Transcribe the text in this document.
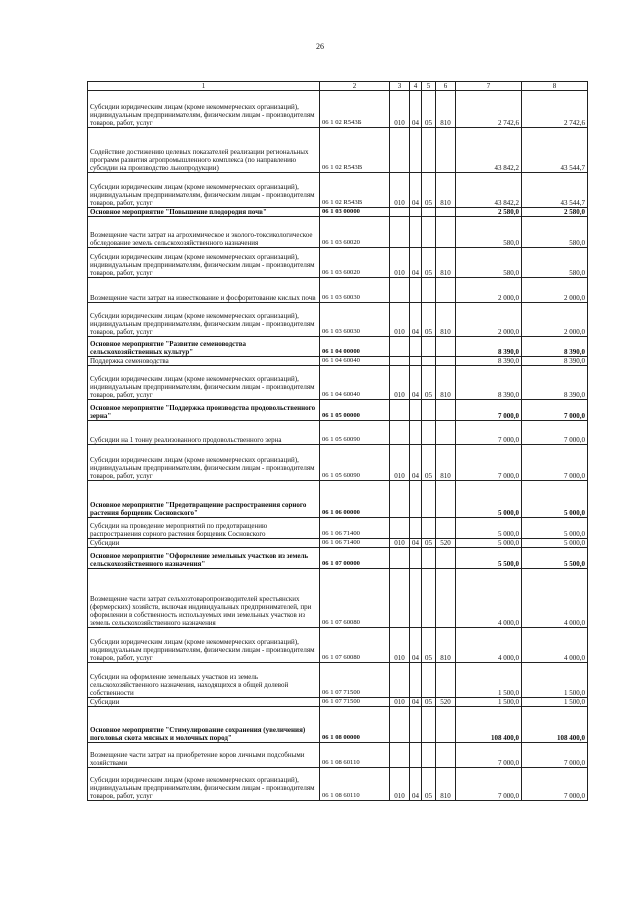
26
1	2	3	4	5	6	7	8
Субсидии юридическим лицам (кроме некоммерческих организаций), индивидуальным предпринимателям, физическим лицам - производителям товаров, работ, услуг	06 1 02 R543Б	010	04	05	810	2 742,6	2 742,6
Содействие достижению целевых показателей реализации региональных программ развития агропромышленного комплекса (по направлению субсидии на производство льнопродукции)	06 1 02 R543В					43 842,2	43 544,7
Субсидии юридическим лицам (кроме некоммерческих организаций), индивидуальным предпринимателям, физическим лицам - производителям товаров, работ, услуг	06 1 02 R543В	010	04	05	810	43 842,2	43 544,7
Основное мероприятие "Повышение плодородия почв"	06 1 03 00000					2 580,0	2 580,0
Возмещение части затрат на агрохимическое и эколого-токсикологическое обследование земель сельскохозяйственного назначения	06 1 03 60020					580,0	580,0
Субсидии юридическим лицам (кроме некоммерческих организаций), индивидуальным предпринимателям, физическим лицам - производителям товаров, работ, услуг	06 1 03 60020	010	04	05	810	580,0	580,0
Возмещение части затрат на известкование и фосфоритование кислых почв	06 1 03 60030					2 000,0	2 000,0
Субсидии юридическим лицам (кроме некоммерческих организаций), индивидуальным предпринимателям, физическим лицам - производителям товаров, работ, услуг	06 1 03 60030	010	04	05	810	2 000,0	2 000,0
Основное мероприятие "Развитие семеноводства сельскохозяйственных культур"	06 1 04 00000					8 390,0	8 390,0
Поддержка семеноводства	06 1 04 60040					8 390,0	8 390,0
Субсидии юридическим лицам (кроме некоммерческих организаций), индивидуальным предпринимателям, физическим лицам - производителям товаров, работ, услуг	06 1 04 60040	010	04	05	810	8 390,0	8 390,0
Основное мероприятие "Поддержка производства продовольственного зерна"	06 1 05 00000					7 000,0	7 000,0
Субсидии на 1 тонну реализованного продовольственного зерна	06 1 05 60090					7 000,0	7 000,0
Субсидии юридическим лицам (кроме некоммерческих организаций), индивидуальным предпринимателям, физическим лицам - производителям товаров, работ, услуг	06 1 05 60090	010	04	05	810	7 000,0	7 000,0
Основное мероприятие "Предотвращение распространения сорного растения борщевик Сосновского"	06 1 06 00000					5 000,0	5 000,0
Субсидии на проведение мероприятий по предотвращению распространения сорного растения борщевик Сосновского	06 1 06 71400					5 000,0	5 000,0
Субсидии	06 1 06 71400	010	04	05	520	5 000,0	5 000,0
Основное мероприятие "Оформление земельных участков из земель сельскохозяйственного назначения"	06 1 07 00000					5 500,0	5 500,0
Возмещение части затрат сельхозтоваропроизводителей крестьянских (фермерских) хозяйств, включая индивидуальных предпринимателей, при оформлении в собственность используемых ими земельных участков из земель сельскохозяйственного назначения	06 1 07 60080					4 000,0	4 000,0
Субсидии юридическим лицам (кроме некоммерческих организаций), индивидуальным предпринимателям, физическим лицам - производителям товаров, работ, услуг	06 1 07 60080	010	04	05	810	4 000,0	4 000,0
Субсидии на оформление земельных участков из земель сельскохозяйственного назначения, находящихся в общей долевой собственности	06 1 07 71500					1 500,0	1 500,0
Субсидии	06 1 07 71500	010	04	05	520	1 500,0	1 500,0
Основное мероприятие "Стимулирование сохранения (увеличения) поголовья скота мясных и молочных пород"	06 1 08 00000					108 400,0	108 400,0
Возмещение части затрат на приобретение коров личными подсобными хозяйствами	06 1 08 60110					7 000,0	7 000,0
Субсидии юридическим лицам (кроме некоммерческих организаций), индивидуальным предпринимателям, физическим лицам - производителям товаров, работ, услуг	06 1 08 60110	010	04	05	810	7 000,0	7 000,0
